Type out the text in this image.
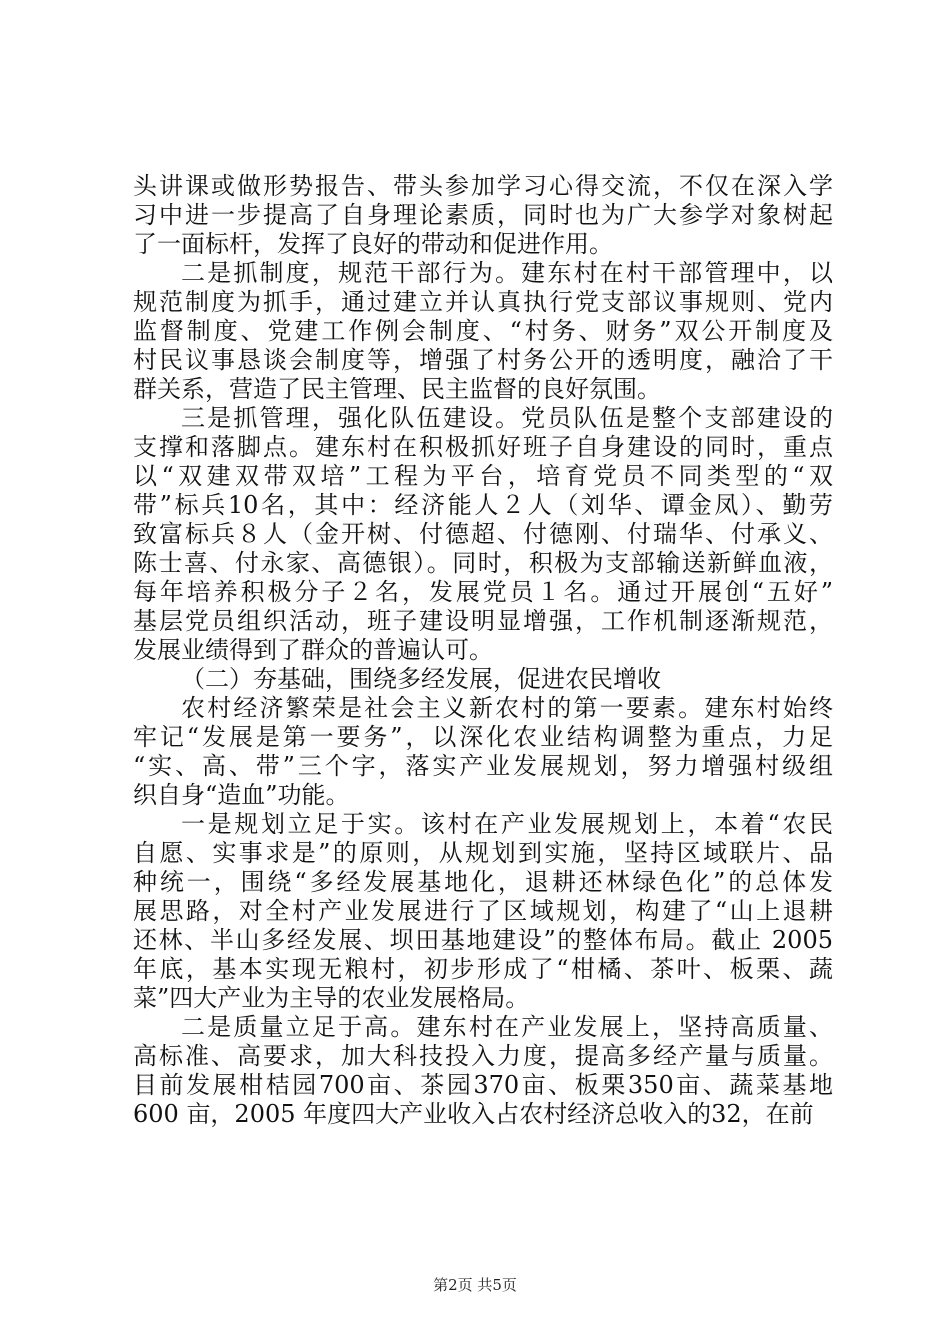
头讲课或做形势报告、带头参加学习心得交流，不仅在深入学
习中进一步提高了自身理论素质，同时也为广大参学对象树起
了一面标杆，发挥了良好的带动和促进作用。
二是抓制度，规范干部行为。建东村在村干部管理中，以
规范制度为抓手，通过建立并认真执行党支部议事规则、党内
监督制度、党建工作例会制度、“村务、财务”双公开制度及
村民议事恳谈会制度等，增强了村务公开的透明度，融洽了干
群关系，营造了民主管理、民主监督的良好氛围。
三是抓管理，强化队伍建设。党员队伍是整个支部建设的
支撑和落脚点。建东村在积极抓好班子自身建设的同时，重点
以“双建双带双培”工程为平台，培育党员不同类型的“双
带”标兵10名，其中：经济能人２人（刘华、谭金凤）、勤劳
致富标兵８人（金开树、付德超、付德刚、付瑞华、付承义、
陈士喜、付永家、高德银）。同时，积极为支部输送新鲜血液，
每年培养积极分子２名，发展党员１名。通过开展创“五好”
基层党员组织活动，班子建设明显增强，工作机制逐渐规范，
发展业绩得到了群众的普遍认可。
（二）夯基础，围绕多经发展，促进农民增收
农村经济繁荣是社会主义新农村的第一要素。建东村始终
牢记“发展是第一要务”，以深化农业结构调整为重点，力足
“实、高、带”三个字，落实产业发展规划，努力增强村级组
织自身“造血”功能。
一是规划立足于实。该村在产业发展规划上，本着“农民
自愿、实事求是”的原则，从规划到实施，坚持区域联片、品
种统一，围绕“多经发展基地化，退耕还林绿色化”的总体发
展思路，对全村产业发展进行了区域规划，构建了“山上退耕
还林、半山多经发展、坝田基地建设”的整体布局。截止 2005
年底，基本实现无粮村，初步形成了“柑橘、茶叶、板栗、蔬
菜”四大产业为主导的农业发展格局。
二是质量立足于高。建东村在产业发展上，坚持高质量、
高标准、高要求，加大科技投入力度，提高多经产量与质量。
目前发展柑桔园700亩、茶园370亩、板栗350亩、蔬菜基地
600 亩，2005 年度四大产业收入占农村经济总收入的32，在前
第2页 共5页
